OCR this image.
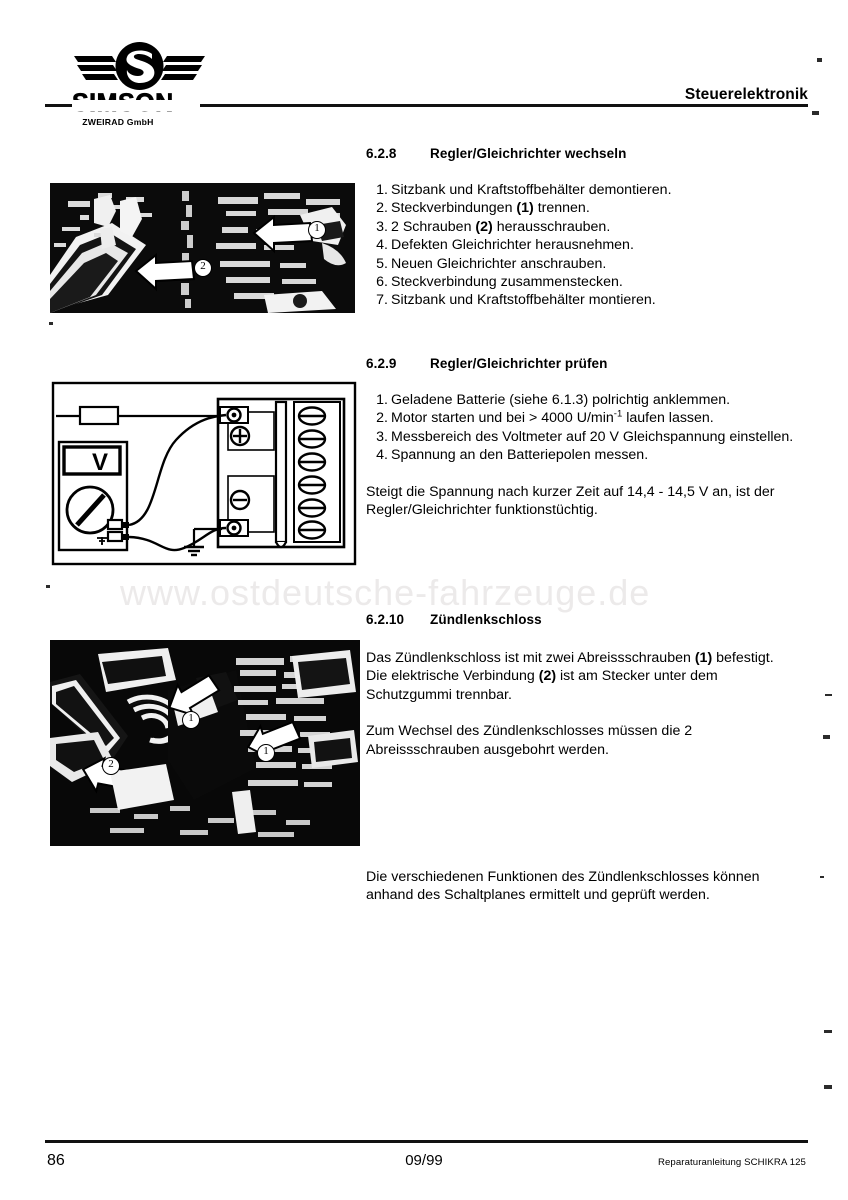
ZWEIRAD GmbH
Steuerelektronik
www.ostdeutsche-fahrzeuge.de
2
1
6.2.8 Regler/Gleichrichter wechseln
1. Sitzbank und Kraftstoffbehälter demontieren.
2. Steckverbindungen (1) trennen.
3. 2 Schrauben (2) herausschrauben.
4. Defekten Gleichrichter herausnehmen.
5. Neuen Gleichrichter anschrauben.
6. Steckverbindung zusammenstecken.
7. Sitzbank und Kraftstoffbehälter montieren.
6.2.9 Regler/Gleichrichter prüfen
1. Geladene Batterie (siehe 6.1.3) polrichtig anklemmen.
2. Motor starten und bei > 4000 $U/\min^{-1}$ laufen lassen.
3. Messbereich des Voltmeter auf 20 V Gleichspannung einstellen.
4. Spannung an den Batteriepolen messen.

Steigt die Spannung nach kurzer Zeit auf 14,4 - 14,5 V an, ist der Regler/Gleichrichter funktionstüchtig.

V
6.2.10 Zündlenkschloss

Das Zündlenkschloss ist mit zwei Abreissschrauben (1) befestigt.

Die elektrische Verbindung (2) ist am Stecker unter dem Schutzgummi trennbar.

Zum Wechsel des Zündlenkschlosses müssen die 2 Abreissschrauben ausgebohrt werden.

1
1
2

Die verschiedenen Funktionen des Zündlenkschlosses können anhand des Schaltplanes ermittelt und geprüft werden.

86	09/99	Reparaturanleitung SCHIKRA 125
